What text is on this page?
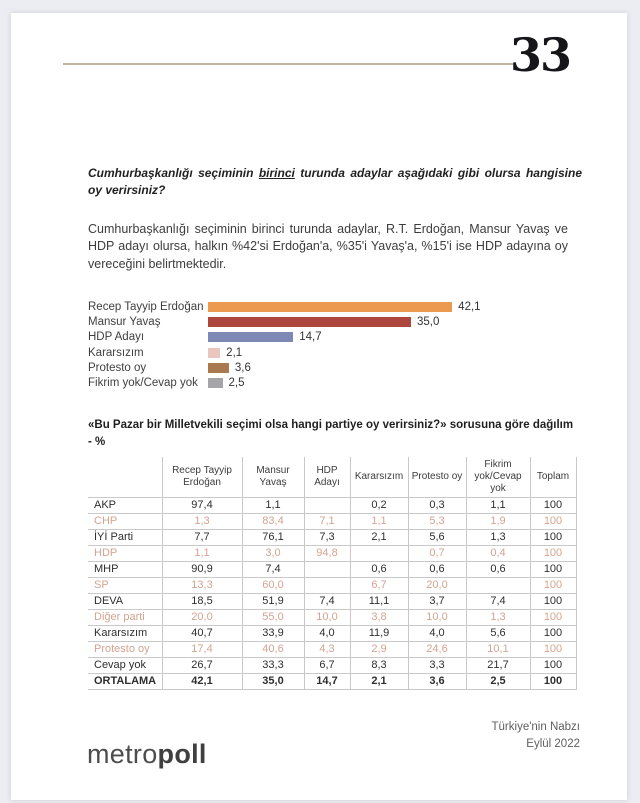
33
Cumhurbaşkanlığı seçiminin birinci turunda adaylar aşağıdaki gibi olursa hangisine oy verirsiniz?
Cumhurbaşkanlığı seçiminin birinci turunda adaylar, R.T. Erdoğan, Mansur Yavaş ve HDP adayı olursa, halkın %42'si Erdoğan'a, %35'i Yavaş'a, %15'i ise HDP adayına oy vereceğini belirtmektedir.
Recep Tayyip Erdoğan	42,1
Mansur Yavaş	35,0
HDP Adayı	14,7
Kararsızım	2,1
Protesto oy	3,6
Fikrim yok/Cevap yok	2,5
«Bu Pazar bir Milletvekili seçimi olsa hangi partiye oy verirsiniz?» sorusuna göre dağılım - %
	Recep Tayyip Erdoğan	Mansur Yavaş	HDP Adayı	Kararsızım	Protesto oy	Fikrim yok/Cevap yok	Toplam
AKP	97,4	1,1		0,2	0,3	1,1	100
CHP	1,3	83,4	7,1	1,1	5,3	1,9	100
İYİ Parti	7,7	76,1	7,3	2,1	5,6	1,3	100
HDP	1,1	3,0	94,8		0,7	0,4	100
MHP	90,9	7,4		0,6	0,6	0,6	100
SP	13,3	60,0		6,7	20,0		100
DEVA	18,5	51,9	7,4	11,1	3,7	7,4	100
Diğer parti	20,0	55,0	10,0	3,8	10,0	1,3	100
Kararsızım	40,7	33,9	4,0	11,9	4,0	5,6	100
Protesto oy	17,4	40,6	4,3	2,9	24,6	10,1	100
Cevap yok	26,7	33,3	6,7	8,3	3,3	21,7	100
ORTALAMA	42,1	35,0	14,7	2,1	3,6	2,5	100
Türkiye'nin Nabzı
Eylül 2022
metropoll
